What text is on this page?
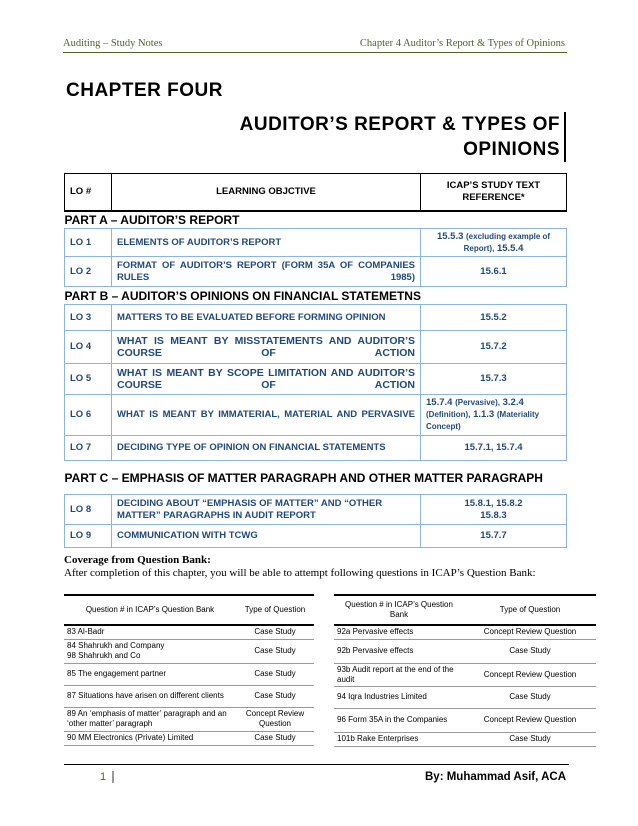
Auditing – Study Notes	Chapter 4 Auditor’s Report & Types of Opinions
CHAPTER FOUR
AUDITOR’S REPORT & TYPES OF
OPINIONS
LO #	LEARNING OBJCTIVE	ICAP’S STUDY TEXT REFERENCE*
PART A – AUDITOR’S REPORT		
LO 1	ELEMENTS OF AUDITOR’S REPORT	15.5.3 (excluding example of Report), 15.5.4
LO 2	FORMAT OF AUDITOR’S REPORT (FORM 35A OF COMPANIES RULES 1985)	15.6.1
PART B – AUDITOR’S OPINIONS ON FINANCIAL STATEMETNS		
LO 3	MATTERS TO BE EVALUATED BEFORE FORMING OPINION	15.5.2
LO 4	WHAT IS MEANT BY MISSTATEMENTS AND AUDITOR’S COURSE OF ACTION	15.7.2
LO 5	WHAT IS MEANT BY SCOPE LIMITATION AND AUDITOR’S COURSE OF ACTION	15.7.3
LO 6	WHAT IS MEANT BY IMMATERIAL, MATERIAL AND PERVASIVE	15.7.4 (Pervasive), 3.2.4 (Definition), 1.1.3 (Materiality Concept)
LO 7	DECIDING TYPE OF OPINION ON FINANCIAL STATEMENTS	15.7.1, 15.7.4
PART C – EMPHASIS OF MATTER PARAGRAPH AND OTHER MATTER PARAGRAPH		
LO 8	DECIDING ABOUT “EMPHASIS OF MATTER” AND “OTHER MATTER” PARAGRAPHS IN AUDIT REPORT	15.8.1, 15.8.2
15.8.3

LO 9	COMMUNICATION WITH TCWG	15.7.7
Coverage from Question Bank:
After completion of this chapter, you will be able to attempt following questions in ICAP’s Question Bank:
Question # in ICAP’s Question Bank	Type of Question
83 Al-Badr	Case Study

84 Shahrukh and Company
98 Shahrukh and Co	Case Study
85 The engagement partner	Case Study
87 Situations have arisen on different clients	Case Study
89 An ‘emphasis of matter’ paragraph and an ‘other matter’ paragraph	Concept Review Question
90 MM Electronics (Private) Limited	Case Study
Question # in ICAP’s Question Bank	Type of Question
92a Pervasive effects	Concept Review Question
92b Pervasive effects	Case Study
93b Audit report at the end of the audit	Concept Review Question
94 Iqra Industries Limited	Case Study
96 Form 35A in the Companies	Concept Review Question
101b Rake Enterprises	Case Study
1	By: Muhammad Asif, ACA
